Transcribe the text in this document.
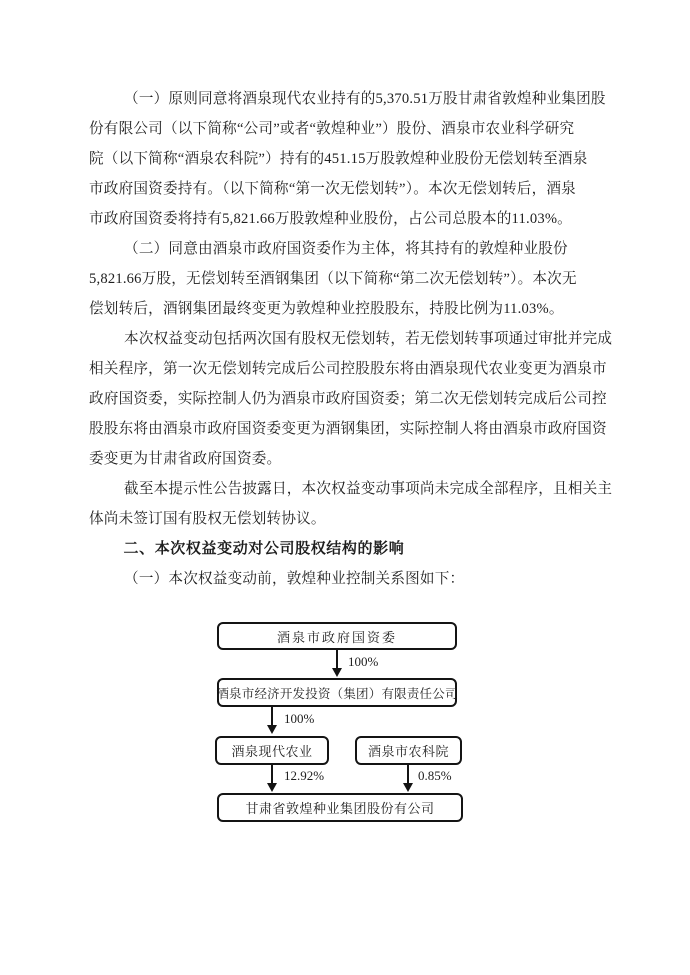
（一）原则同意将酒泉现代农业持有的5,370.51万股甘肃省敦煌种业集团股
份有限公司（以下简称“公司”或者“敦煌种业”）股份、酒泉市农业科学研究
院（以下简称“酒泉农科院”）持有的451.15万股敦煌种业股份无偿划转至酒泉
市政府国资委持有。（以下简称“第一次无偿划转”）。本次无偿划转后，酒泉
市政府国资委将持有5,821.66万股敦煌种业股份，占公司总股本的11.03%。
（二）同意由酒泉市政府国资委作为主体，将其持有的敦煌种业股份
5,821.66万股，无偿划转至酒钢集团（以下简称“第二次无偿划转”）。本次无
偿划转后，酒钢集团最终变更为敦煌种业控股股东，持股比例为11.03%。
本次权益变动包括两次国有股权无偿划转，若无偿划转事项通过审批并完成
相关程序，第一次无偿划转完成后公司控股股东将由酒泉现代农业变更为酒泉市
政府国资委，实际控制人仍为酒泉市政府国资委；第二次无偿划转完成后公司控
股股东将由酒泉市政府国资委变更为酒钢集团，实际控制人将由酒泉市政府国资
委变更为甘肃省政府国资委。
截至本提示性公告披露日，本次权益变动事项尚未完成全部程序，且相关主
体尚未签订国有股权无偿划转协议。
二、本次权益变动对公司股权结构的影响
（一）本次权益变动前，敦煌种业控制关系图如下：
酒泉市政府国资委
100%
酒泉市经济开发投资（集团）有限责任公司
100%
酒泉现代农业	酒泉市农科院
12.92%	0.85%
甘肃省敦煌种业集团股份有公司
